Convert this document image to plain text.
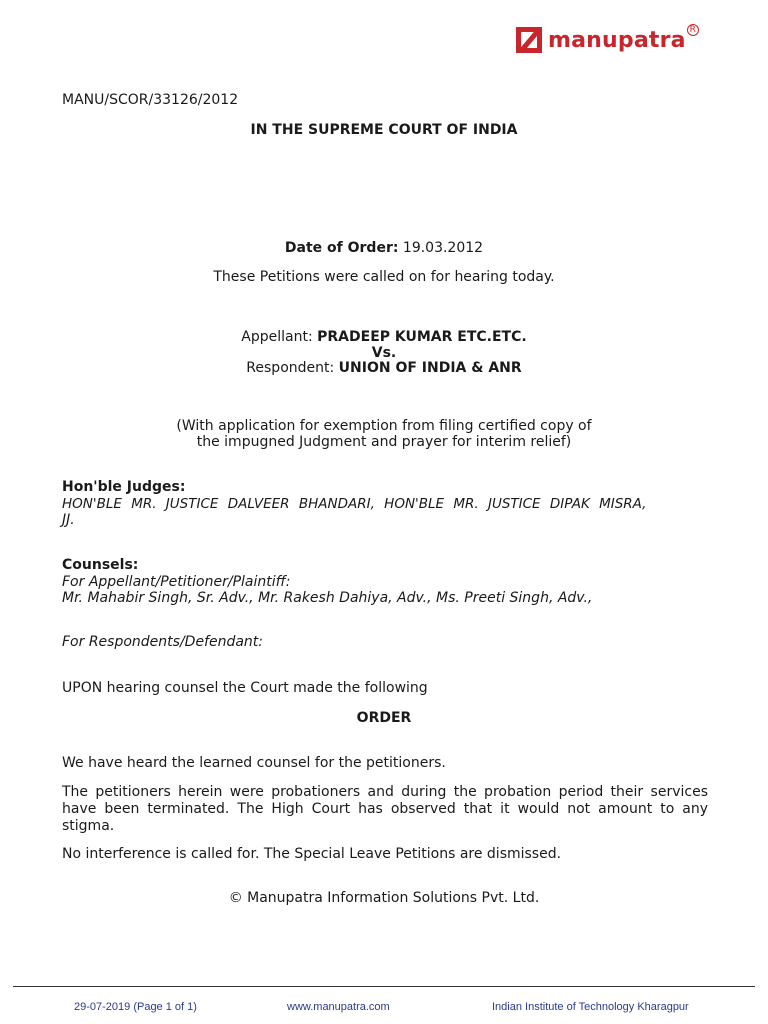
manupatra R
MANU/SCOR/33126/2012
IN THE SUPREME COURT OF INDIA
Date of Order: 19.03.2012
These Petitions were called on for hearing today.
Appellant: PRADEEP KUMAR ETC.ETC.
Vs.
Respondent: UNION OF INDIA & ANR
(With application for exemption from filing certified copy of
the impugned Judgment and prayer for interim relief)
Hon'ble Judges:
HON'BLE MR. JUSTICE DALVEER BHANDARI, HON'BLE MR. JUSTICE DIPAK MISRA,
JJ.
Counsels:
For Appellant/Petitioner/Plaintiff:
Mr. Mahabir Singh, Sr. Adv., Mr. Rakesh Dahiya, Adv., Ms. Preeti Singh, Adv.,
For Respondents/Defendant:
UPON hearing counsel the Court made the following
ORDER
We have heard the learned counsel for the petitioners.
The petitioners herein were probationers and during the probation period their services have been terminated. The High Court has observed that it would not amount to any stigma.
No interference is called for. The Special Leave Petitions are dismissed.
© Manupatra Information Solutions Pvt. Ltd.
29-07-2019 (Page 1 of 1)	www.manupatra.com	Indian Institute of Technology Kharagpur
